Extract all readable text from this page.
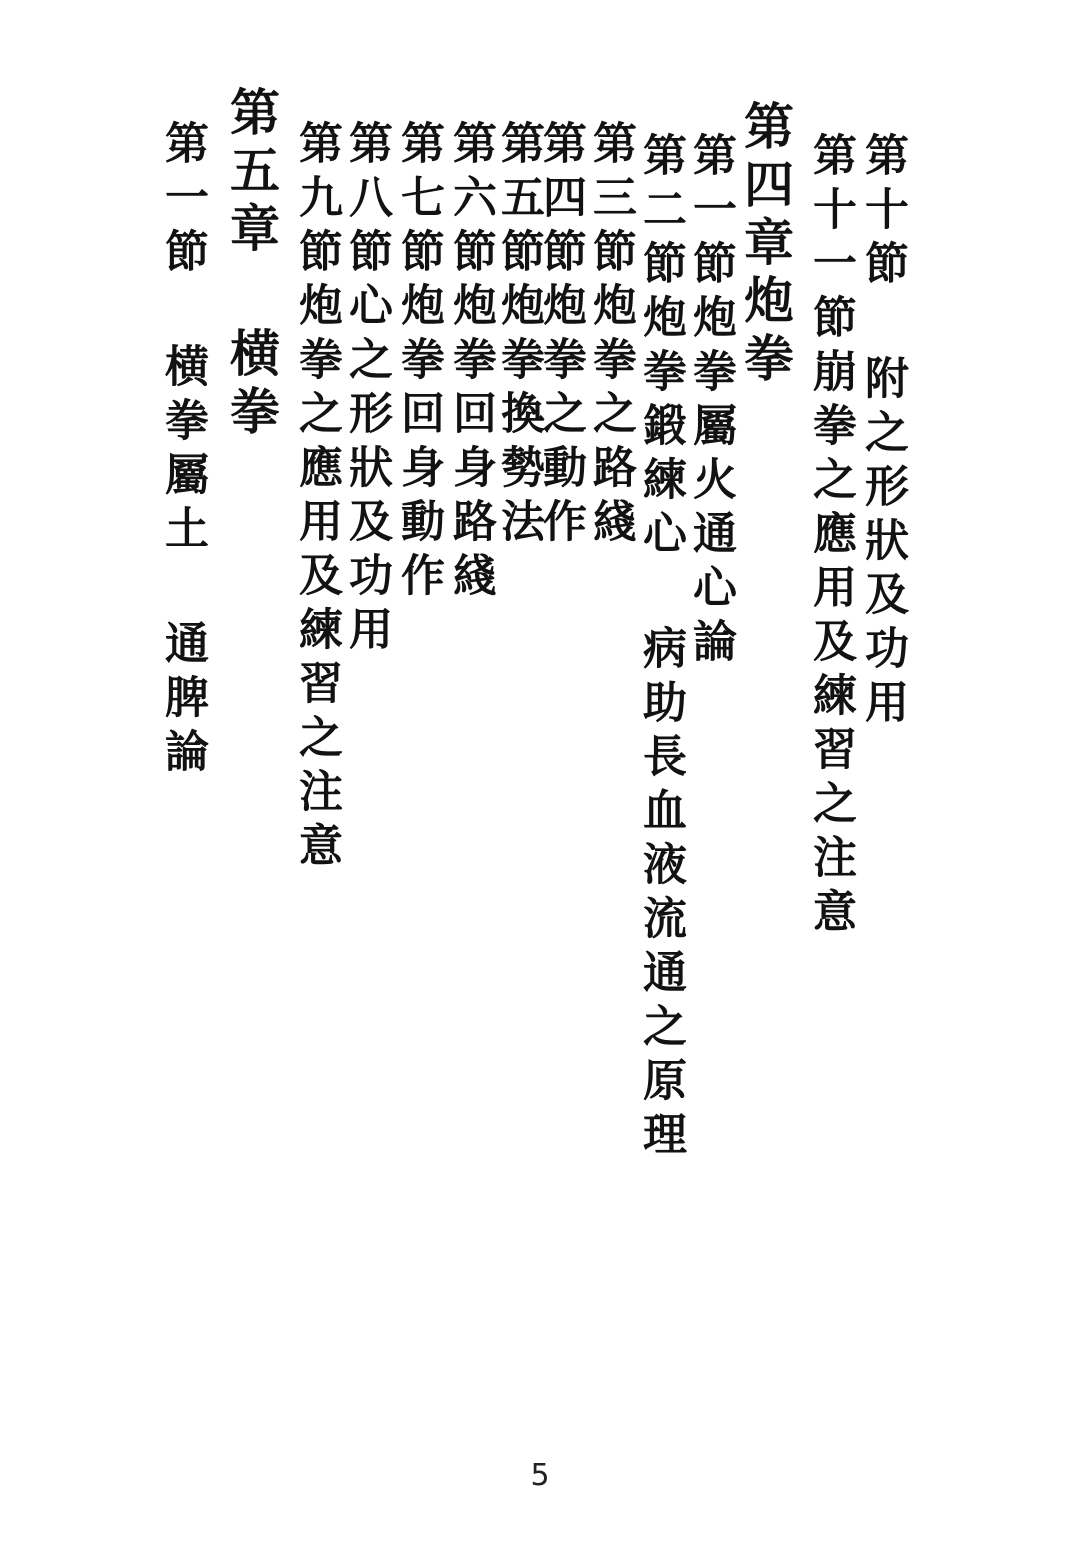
第十節 附之形狀及功用
第十一節崩拳之應用及練習之注意
第四章炮拳
第一節炮拳屬火通心論
第二節炮拳鍛練心 病助長血液流通之原理
第三節炮拳之路綫
第四節炮拳之動作
第五節炮拳換勢法
第六節炮拳回身路綫
第七節炮拳回身動作
第八節心之形狀及功用
第九節炮拳之應用及練習之注意
第五章 横拳
第一節 横拳屬土 通脾論
5
